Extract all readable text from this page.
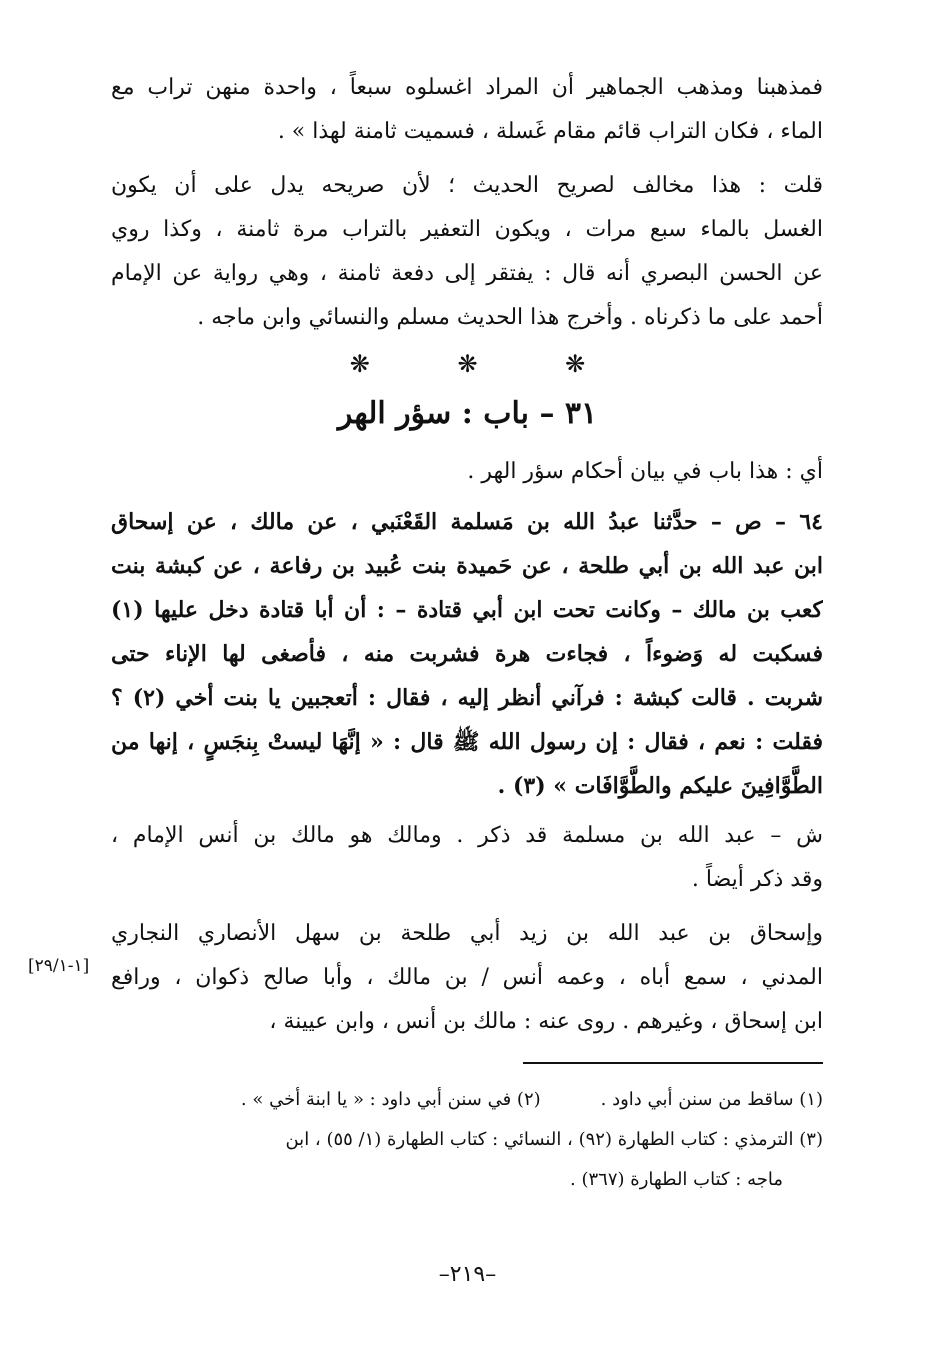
فمذهبنا ومذهب الجماهير أن المراد اغسلوه سبعاً ، واحدة منهن تراب مع
الماء ، فكان التراب قائم مقام غَسلة ، فسميت ثامنة لهذا » .
قلت : هذا مخالف لصريح الحديث ؛ لأن صريحه يدل على أن يكون
الغسل بالماء سبع مرات ، ويكون التعفير بالتراب مرة ثامنة ، وكذا روي
عن الحسن البصري أنه قال : يفتقر إلى دفعة ثامنة ، وهي رواية عن الإمام
أحمد على ما ذكرناه . وأخرج هذا الحديث مسلم والنسائي وابن ماجه .
❋ ❋ ❋
٣١ – باب : سؤر الهر
أي : هذا باب في بيان أحكام سؤر الهر .
٦٤ – ص – حدَّثنا عبدُ الله بن مَسلمة القَعْنَبي ، عن مالك ، عن إسحاق
ابن عبد الله بن أبي طلحة ، عن حَميدة بنت عُبيد بن رفاعة ، عن كبشة بنت
كعب بن مالك – وكانت تحت ابن أبي قتادة – : أن أبا قتادة دخل عليها (١)
فسكبت له وَضوءاً ، فجاءت هرة فشربت منه ، فأصغى لها الإناء حتى
شربت . قالت كبشة : فرآني أنظر إليه ، فقال : أتعجبين يا بنت أخي (٢) ؟
فقلت : نعم ، فقال : إن رسول الله ﷺ قال : « إنَّهَا ليستْ بِنجَسٍ ، إنها من
الطَّوَّافِينَ عليكم والطَّوَّافَات » (٣) .
ش – عبد الله بن مسلمة قد ذكر . ومالك هو مالك بن أنس الإمام ،
وقد ذكر أيضاً .
وإسحاق بن عبد الله بن زيد أبي طلحة بن سهل الأنصاري النجاري
المدني ، سمع أباه ، وعمه أنس / بن مالك ، وأبا صالح ذكوان ، ورافع
ابن إسحاق ، وغيرهم . روى عنه : مالك بن أنس ، وابن عيينة ،
[١-٢٩/١]
(١) ساقط من سنن أبي داود .(٢) في سنن أبي داود : « يا ابنة أخي » .
(٣) الترمذي : كتاب الطهارة (٩٢) ، النسائي : كتاب الطهارة (١/ ٥٥) ، ابن
ماجه : كتاب الطهارة (٣٦٧) .
–٢١٩–
